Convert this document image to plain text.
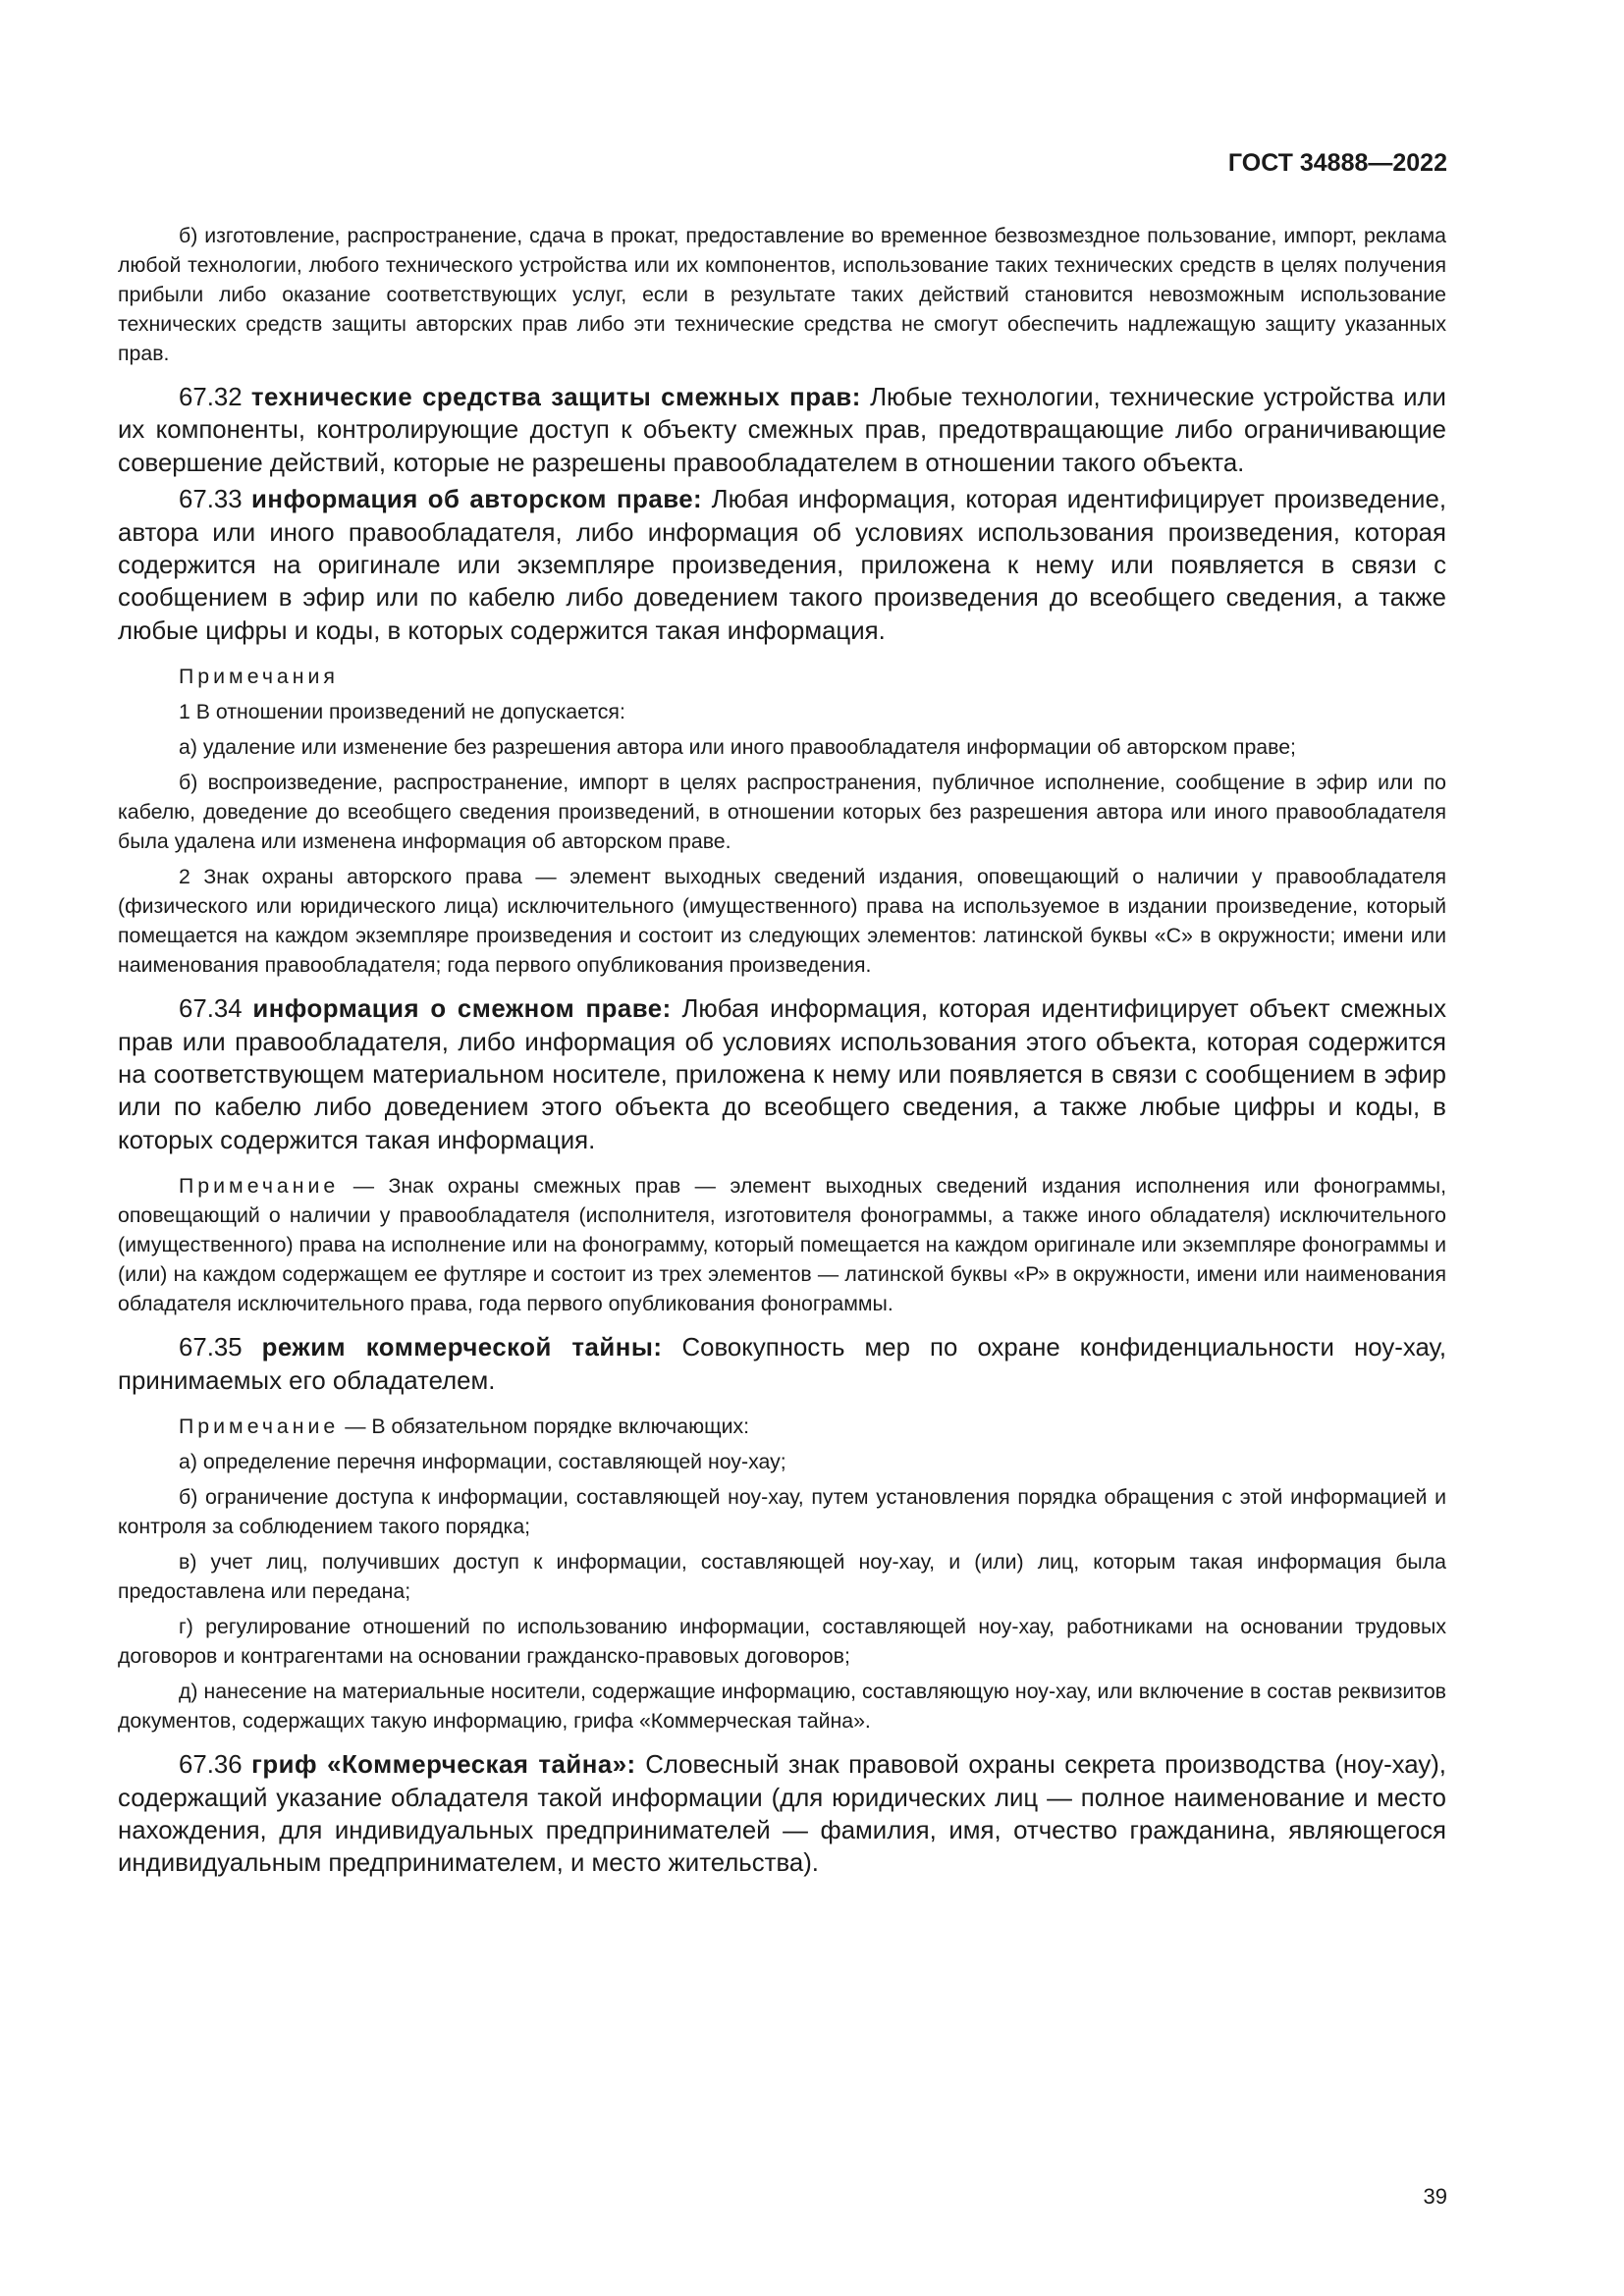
ГОСТ 34888—2022

б) изготовление, распространение, сдача в прокат, предоставление во временное безвозмездное пользование, импорт, реклама любой технологии, любого технического устройства или их компонентов, использование таких технических средств в целях получения прибыли либо оказание соответствующих услуг, если в результате таких действий становится невозможным использование технических средств защиты авторских прав либо эти технические средства не смогут обеспечить надлежащую защиту указанных прав.

67.32 технические средства защиты смежных прав: Любые технологии, технические устройства или их компоненты, контролирующие доступ к объекту смежных прав, предотвращающие либо ограничивающие совершение действий, которые не разрешены правообладателем в отношении такого объекта.

67.33 информация об авторском праве: Любая информация, которая идентифицирует произведение, автора или иного правообладателя, либо информация об условиях использования произведения, которая содержится на оригинале или экземпляре произведения, приложена к нему или появляется в связи с сообщением в эфир или по кабелю либо доведением такого произведения до всеобщего сведения, а также любые цифры и коды, в которых содержится такая информация.

Примечания

1 В отношении произведений не допускается:

а) удаление или изменение без разрешения автора или иного правообладателя информации об авторском праве;

б) воспроизведение, распространение, импорт в целях распространения, публичное исполнение, сообщение в эфир или по кабелю, доведение до всеобщего сведения произведений, в отношении которых без разрешения автора или иного правообладателя была удалена или изменена информация об авторском праве.

2 Знак охраны авторского права — элемент выходных сведений издания, оповещающий о наличии у правообладателя (физического или юридического лица) исключительного (имущественного) права на используемое в издании произведение, который помещается на каждом экземпляре произведения и состоит из следующих элементов: латинской буквы «С» в окружности; имени или наименования правообладателя; года первого опубликования произведения.

67.34 информация о смежном праве: Любая информация, которая идентифицирует объект смежных прав или правообладателя, либо информация об условиях использования этого объекта, которая содержится на соответствующем материальном носителе, приложена к нему или появляется в связи с сообщением в эфир или по кабелю либо доведением этого объекта до всеобщего сведения, а также любые цифры и коды, в которых содержится такая информация.

Примечание — Знак охраны смежных прав — элемент выходных сведений издания исполнения или фонограммы, оповещающий о наличии у правообладателя (исполнителя, изготовителя фонограммы, а также иного обладателя) исключительного (имущественного) права на исполнение или на фонограмму, который помещается на каждом оригинале или экземпляре фонограммы и (или) на каждом содержащем ее футляре и состоит из трех элементов — латинской буквы «Р» в окружности, имени или наименования обладателя исключительного права, года первого опубликования фонограммы.

67.35 режим коммерческой тайны: Совокупность мер по охране конфиденциальности ноу-хау, принимаемых его обладателем.

Примечание — В обязательном порядке включающих:

а) определение перечня информации, составляющей ноу-хау;

б) ограничение доступа к информации, составляющей ноу-хау, путем установления порядка обращения с этой информацией и контроля за соблюдением такого порядка;

в) учет лиц, получивших доступ к информации, составляющей ноу-хау, и (или) лиц, которым такая информация была предоставлена или передана;

г) регулирование отношений по использованию информации, составляющей ноу-хау, работниками на основании трудовых договоров и контрагентами на основании гражданско-правовых договоров;

д) нанесение на материальные носители, содержащие информацию, составляющую ноу-хау, или включение в состав реквизитов документов, содержащих такую информацию, грифа «Коммерческая тайна».

67.36 гриф «Коммерческая тайна»: Словесный знак правовой охраны секрета производства (ноу-хау), содержащий указание обладателя такой информации (для юридических лиц — полное наименование и место нахождения, для индивидуальных предпринимателей — фамилия, имя, отчество гражданина, являющегося индивидуальным предпринимателем, и место жительства).

39
